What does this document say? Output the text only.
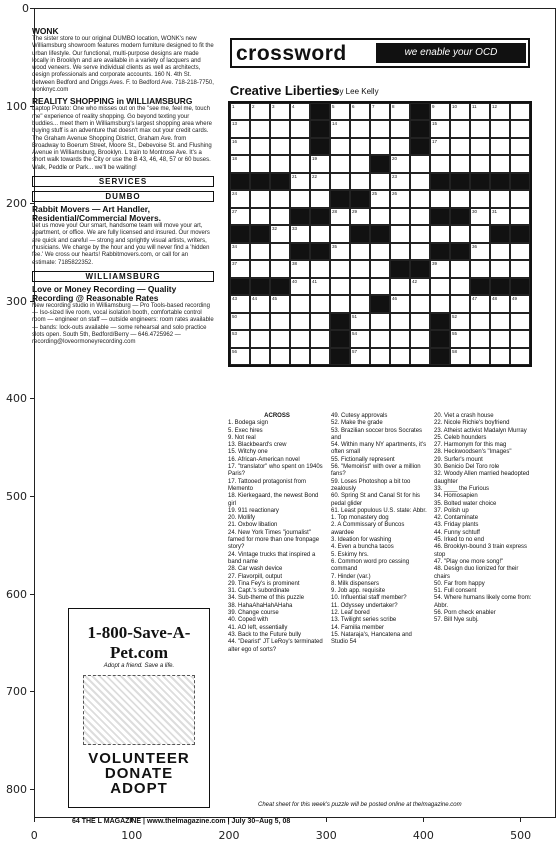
0
100
200
300
400
500
600
700
800
0	100	200	300	400	500
WONK
The sister store to our original DUMBO location, WONK's new Williamsburg showroom features modern furniture designed to fit the urban lifestyle. Our functional, multi-purpose designs are made locally in Brooklyn and are available in a variety of lacquers and wood veneers. We serve individual clients as well as architects, design professionals and corporate accounts. 160 N. 4th St. between Bedford and Driggs Aves. F. to Bedford Ave. 718-218-7750, wonknyc.com
REALITY SHOPPING in WILLIAMSBURG
Laptop Potato: One who misses out on the "see me, feel me, touch me" experience of reality shopping. Go beyond texting your buddies... meet them in Williamsburg's largest shopping area where buying stuff is an adventure that doesn't max out your credit cards. The Graham Avenue Shopping District, Graham Ave. from Broadway to Boerum Street, Moore St., Debevoise St. and Flushing Avenue in Williamsburg, Brooklyn. L train to Montrose Ave. It's a short walk towards the City or use the B 43, 46, 48, 57 or 60 buses. Walk, Peddle or Park... we'll be waiting!
SERVICES
DUMBO
Rabbit Movers — Art Handler, Residential/Commercial Movers.
Let us move you! Our smart, handsome team will move your art, apartment, or office. We are fully licensed and insured. Our movers are quick and careful — strong and sprightly visual artists, writers, musicians. We charge by the hour and you will never find a 'hidden fee.' We cross our hearts! Rabbitmovers.com, or call for an estimate: 7185822352.
WILLIAMSBURG
Love or Money Recording — Quality Recording @ Reasonable Rates
New recording studio in Williamsburg — Pro Tools-based recording — Iso-sized live room, vocal isolation booth, comfortable control room — engineer on staff — outside engineers: room rates available — bands: lock-outs available — some rehearsal and solo practice slots open. South 5th, Bedford/Berry — 646.4725962 — recording@loveormoneyrecording.com
1-800-Save-A-Pet.com
Adopt a friend. Save a life.
VOLUNTEER
DONATE
ADOPT
crossword	we enable your OCD
Creative Liberties
by Lee Kelly
1	2	3	4	5	6	7	8	9	10	11	12
13	14	15
16	17
18	19	20
21	22	23
24	25	26
27	28	29	30	31
32	33
34	35	36
37	38	39
40	41	42
43	44	45	46	47	48	49
50	51	52
53	54	55
56	57	58
ACROSS
1. Bodega sign
5. Exec hires
9. Not real
13. Blackbeard's crew
15. Witchy one
16. African-American novel
17. "translator" who spent on 1940s Paris?
17. Tattooed protagonist from Memento
18. Kierkegaard, the newest Bond girl
19. 911 reactionary
20. Mollify
21. Oxbow libation
24. New York Times "journalist" famed for more than one fronpage story?
24. Vintage trucks that inspired a band name
28. Car wash device
27. Flavorpill, output
29. Tina Fey's is prominent
31. Capt.'s subordinate
34. Sub-theme of this puzzle
38. HahaAhaHahAHaha
39. Change course
40. Coped with
41. AO left, essentially
43. Back to the Future bully
44. "Dearist" JT LeRoy's terminated alter ego of sorts?
49. Cutesy approvals
52. Make the grade
53. Brazilian soccer bros Socrates and
54. Within many NY apartments, it's often small
55. Fictionally represent
56. "Memoirist" with over a million fans?
59. Loses Photoshop a bit too zealously
60. Spring St and Canal St for his pedal glider
61. Least populous U.S. state: Abbr.
1. Top monastery dog
2. A Commissary of Buncos awardee
3. Ideation for washing
4. Even a buncha tacos
5. Eskimy hrs.
6. Common word pro cessing command
7. Hinder (var.)
8. Milk dispensers
9. Job app. requisite
10. Influential staff member?
11. Odyssey undertaker?
12. Leaf bored
13. Twilight series scribe
14. Familia member
15. Nataraja's, Hancatena and Studio 54
20. Viet a crash house
22. Nicole Richie's boyfriend
23. Atheist activist Madalyn Murray
25. Celeb hounders
27. Harmonym for this mag
28. Heckwoodsen's "Images"
29. Surfer's mount
30. Benicio Del Toro role
32. Woody Allen married headopted daughter
33. ____ the Furious
34. Homosapien
35. Bolted water choice
37. Polish up
42. Contaminate
43. Friday plants
44. Funny schtuff
45. Irked to no end
46. Brooklyn-bound 3 train express stop
47. "Play one more song!"
48. Design duo lionized for their chairs
50. Far from happy
51. Full consent
54. Where humans likely come from: Abbr.
56. Porn check enabler
57. Bill Nye subj.
Cheat sheet for this week's puzzle will be posted online at thelmagazine.com
64 THE L MAGAZINE | www.thelmagazine.com | July 30–Aug 5, 08
